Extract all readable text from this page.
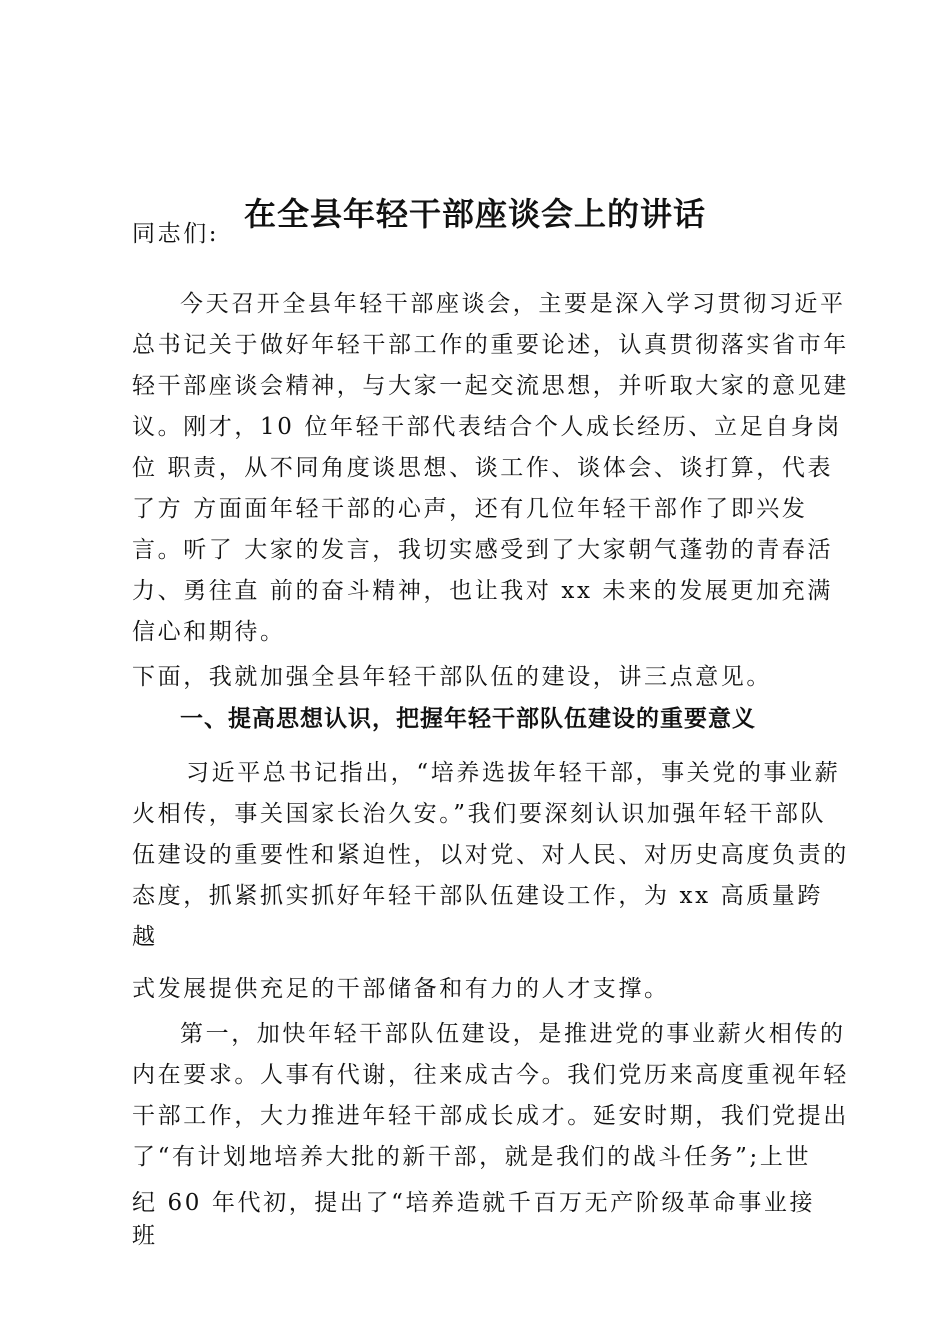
在全县年轻干部座谈会上的讲话

同志们:

今天召开全县年轻干部座谈会，主要是深入学习贯彻习近平

总书记关于做好年轻干部工作的重要论述，认真贯彻落实省市年

轻干部座谈会精神，与大家一起交流思想，并听取大家的意见建

议。刚才，10 位年轻干部代表结合个人成长经历、立足自身岗

位 职责，从不同角度谈思想、谈工作、谈体会、谈打算，代表

了方 方面面年轻干部的心声，还有几位年轻干部作了即兴发

言。听了 大家的发言，我切实感受到了大家朝气蓬勃的青春活

力、勇往直 前的奋斗精神，也让我对 xx 未来的发展更加充满

信心和期待。

下面，我就加强全县年轻干部队伍的建设，讲三点意见。

一、提高思想认识，把握年轻干部队伍建设的重要意义

习近平总书记指出，“培养选拔年轻干部，事关党的事业薪

火相传，事关国家长治久安。”我们要深刻认识加强年轻干部队

伍建设的重要性和紧迫性，以对党、对人民、对历史高度负责的

态度，抓紧抓实抓好年轻干部队伍建设工作，为 xx 高质量跨

越

式发展提供充足的干部储备和有力的人才支撑。

第一，加快年轻干部队伍建设，是推进党的事业薪火相传的

内在要求。人事有代谢，往来成古今。我们党历来高度重视年轻

干部工作，大力推进年轻干部成长成才。延安时期，我们党提出

了“有计划地培养大批的新干部，就是我们的战斗任务”;上世

纪 60 年代初，提出了“培养造就千百万无产阶级革命事业接

班
